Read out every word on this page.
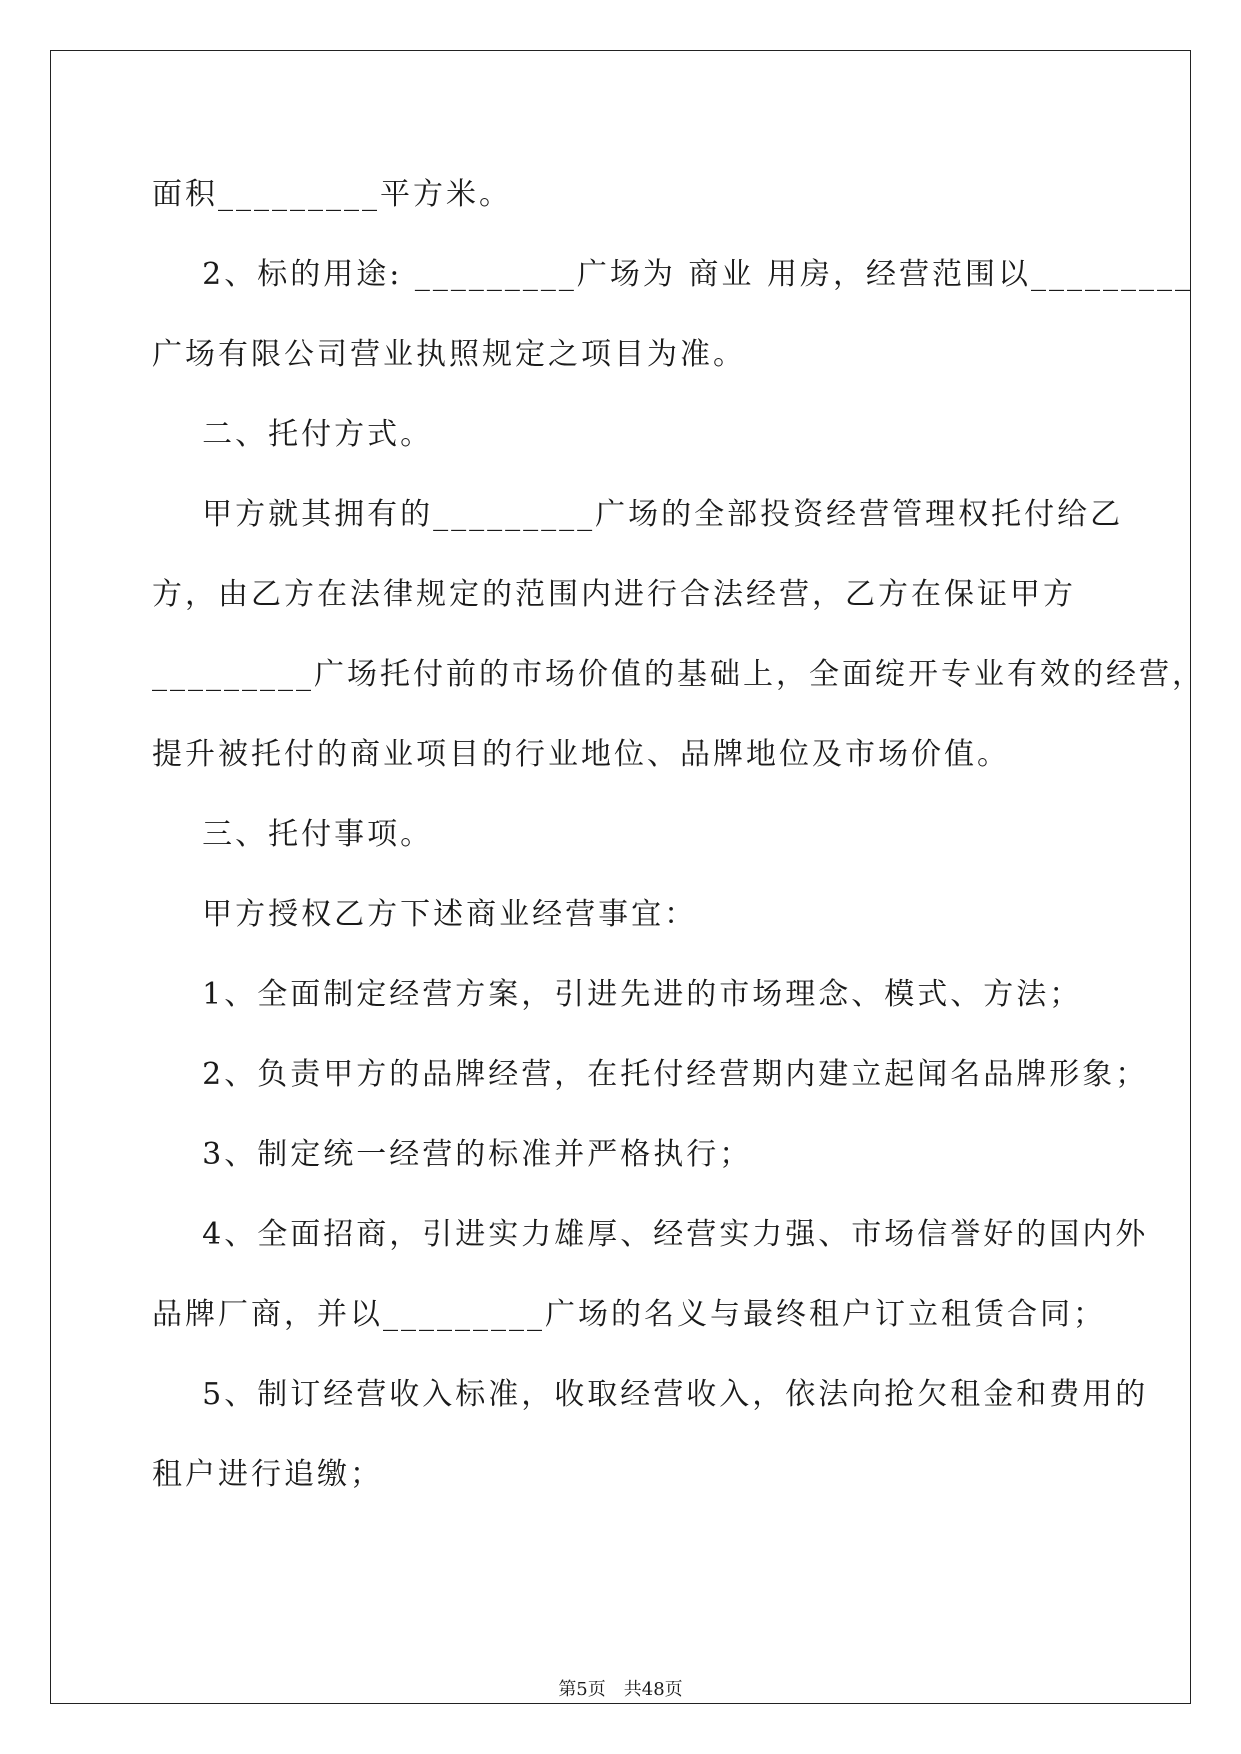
面积_________平方米。
2、标的用途: _________广场为 商业 用房，经营范围以_________
广场有限公司营业执照规定之项目为准。
二、托付方式。
甲方就其拥有的_________广场的全部投资经营管理权托付给乙
方，由乙方在法律规定的范围内进行合法经营，乙方在保证甲方
_________广场托付前的市场价值的基础上，全面绽开专业有效的经营，
提升被托付的商业项目的行业地位、品牌地位及市场价值。
三、托付事项。
甲方授权乙方下述商业经营事宜：
1、全面制定经营方案，引进先进的市场理念、模式、方法；
2、负责甲方的品牌经营，在托付经营期内建立起闻名品牌形象；
3、制定统一经营的标准并严格执行；
4、全面招商，引进实力雄厚、经营实力强、市场信誉好的国内外
品牌厂商，并以_________广场的名义与最终租户订立租赁合同；
5、制订经营收入标准，收取经营收入，依法向抢欠租金和费用的
租户进行追缴；
第5页　共48页
